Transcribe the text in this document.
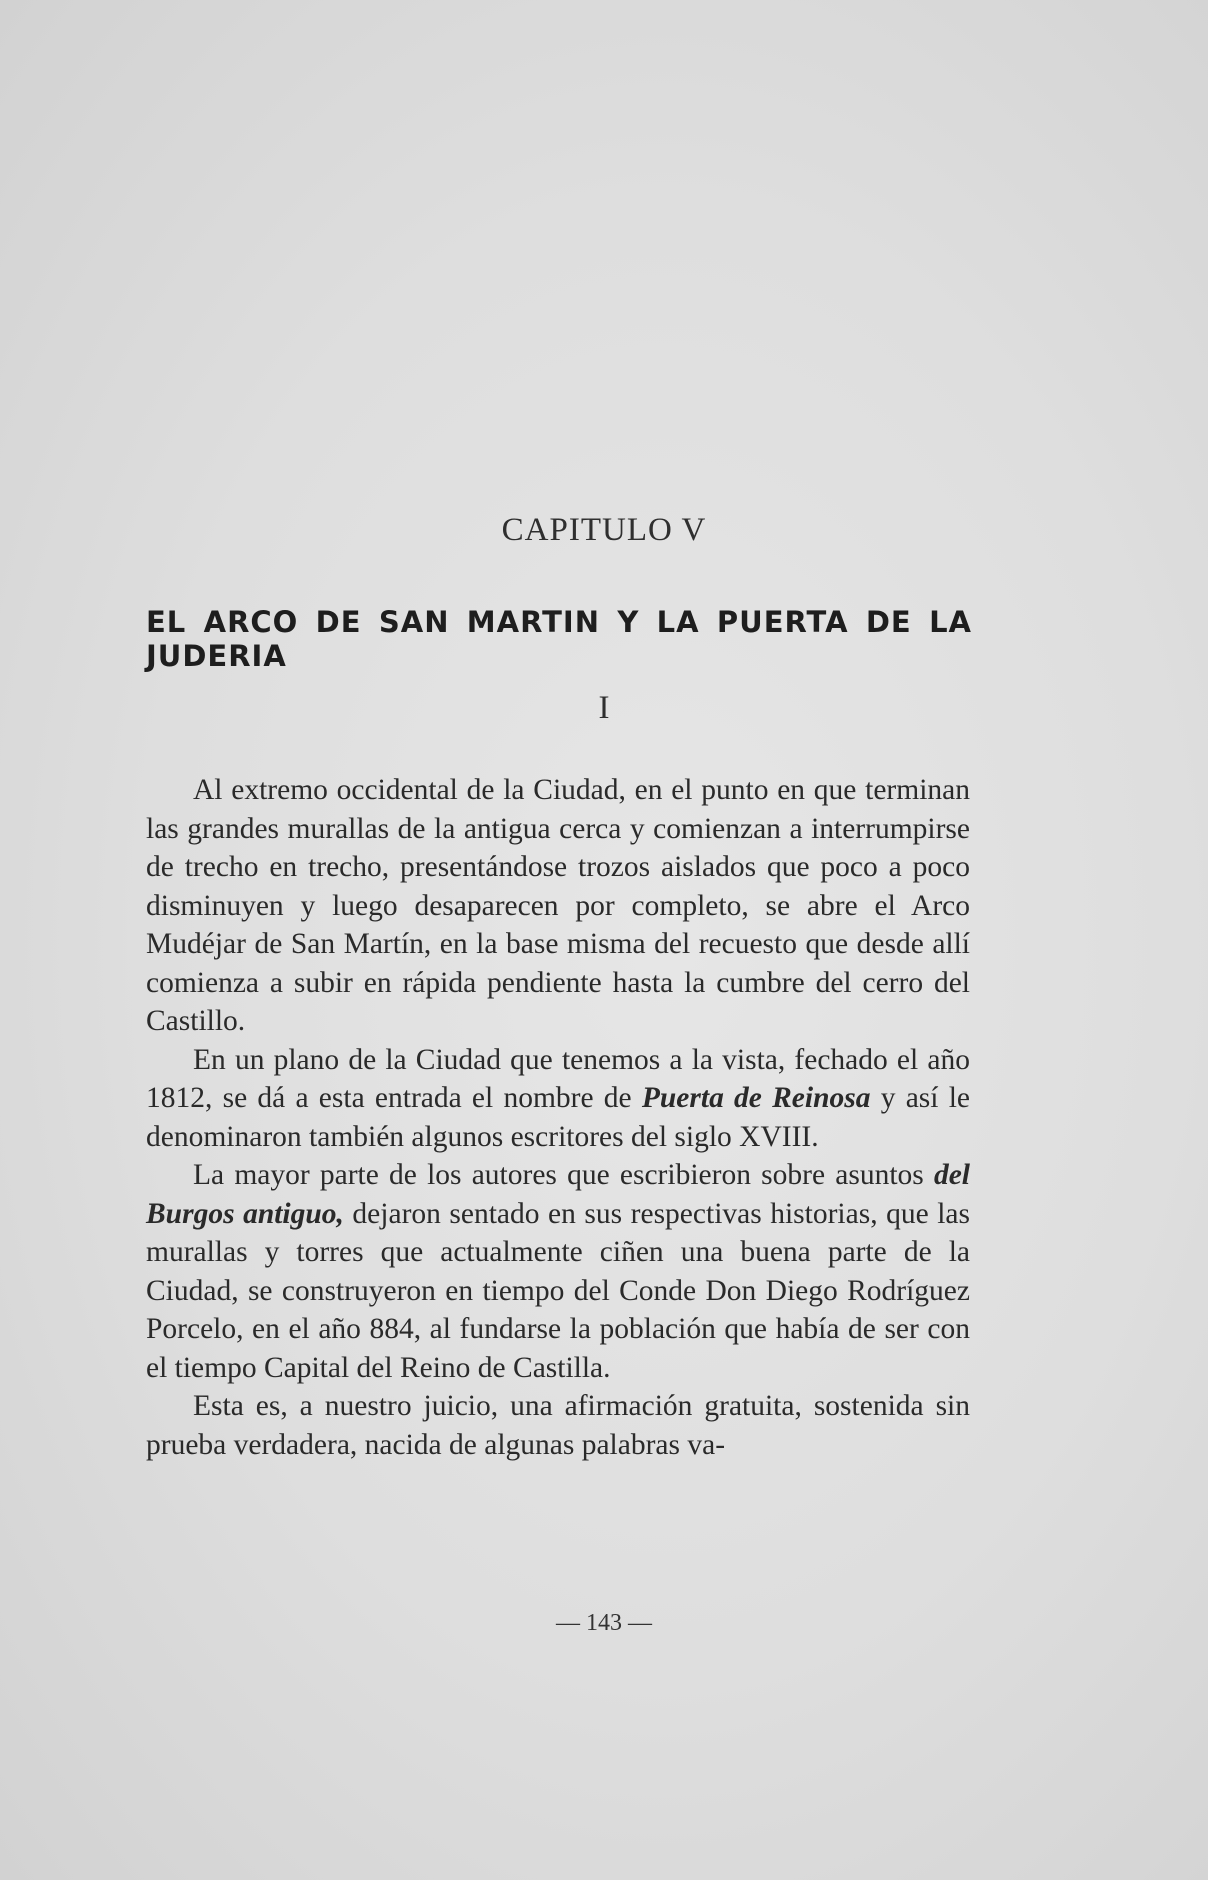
CAPITULO V
EL ARCO DE SAN MARTIN Y LA PUERTA DE LA JUDERIA
I

Al extremo occidental de la Ciudad, en el punto en que terminan las grandes murallas de la antigua cerca y comienzan a interrumpirse de trecho en trecho, presentándose trozos aislados que poco a poco disminuyen y luego desaparecen por completo, se abre el Arco Mudéjar de San Martín, en la base misma del recuesto que desde allí comienza a subir en rápida pendiente hasta la cumbre del cerro del Castillo.

En un plano de la Ciudad que tenemos a la vista, fechado el año 1812, se dá a esta entrada el nombre de Puerta de Reinosa y así le denominaron también algunos escritores del siglo XVIII.

La mayor parte de los autores que escribieron sobre asuntos del Burgos antiguo, dejaron sentado en sus respectivas historias, que las murallas y torres que actualmente ciñen una buena parte de la Ciudad, se construyeron en tiempo del Conde Don Diego Rodríguez Porcelo, en el año 884, al fundarse la población que había de ser con el tiempo Capital del Reino de Castilla.

Esta es, a nuestro juicio, una afirmación gratuita, sostenida sin prueba verdadera, nacida de algunas palabras va-

— 143 —
